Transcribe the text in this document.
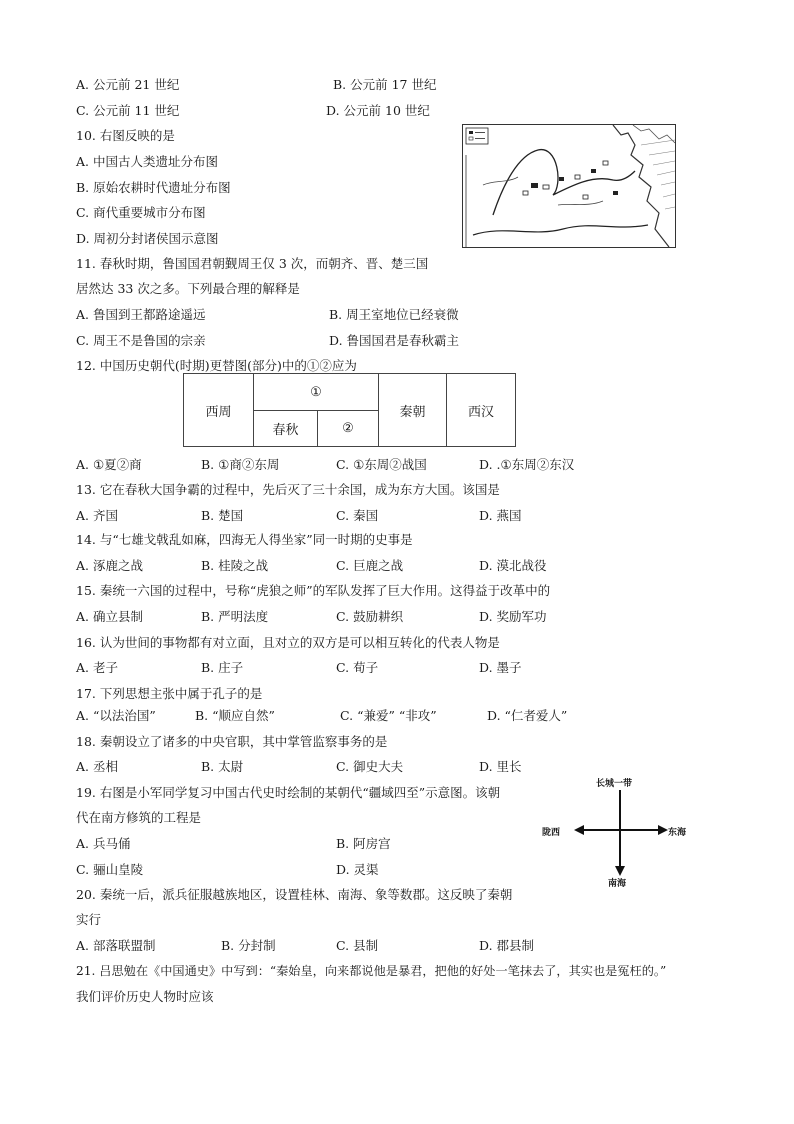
A. 公元前 21 世纪	B. 公元前 17 世纪
C. 公元前 11 世纪	D. 公元前 10 世纪
10. 右图反映的是
A. 中国古人类遗址分布图
B. 原始农耕时代遗址分布图
C. 商代重要城市分布图
D. 周初分封诸侯国示意图
11. 春秋时期，鲁国国君朝觐周王仅 3 次，而朝齐、晋、楚三国
居然达 33 次之多。下列最合理的解释是
A. 鲁国到王都路途遥远	B. 周王室地位已经衰微
C. 周王不是鲁国的宗亲	D. 鲁国国君是春秋霸主
12. 中国历史朝代(时期)更替图(部分)中的①②应为
西周	①		秦朝	西汉
	春秋	②		
A. ①夏②商	B. ①商②东周	C. ①东周②战国	D. .①东周②东汉
13. 它在春秋大国争霸的过程中，先后灭了三十余国，成为东方大国。该国是
A. 齐国	B. 楚国	C. 秦国	D. 燕国
14. 与“七雄戈戟乱如麻，四海无人得坐家”同一时期的史事是
A. 涿鹿之战	B. 桂陵之战	C. 巨鹿之战	D. 漠北战役
15. 秦统一六国的过程中，号称“虎狼之师”的军队发挥了巨大作用。这得益于改革中的
A. 确立县制	B. 严明法度	C. 鼓励耕织	D. 奖励军功
16. 认为世间的事物都有对立面，且对立的双方是可以相互转化的代表人物是
A. 老子	B. 庄子	C. 荀子	D. 墨子
17. 下列思想主张中属于孔子的是
A. “以法治国”	B. “顺应自然”	C. “兼爱” “非攻”	D. “仁者爱人”
18. 秦朝设立了诸多的中央官职，其中掌管监察事务的是
A. 丞相	B. 太尉	C. 御史大夫	D. 里长
19. 右图是小军同学复习中国古代史时绘制的某朝代“疆域四至”示意图。该朝
代在南方修筑的工程是
A. 兵马俑	B. 阿房宫
C. 骊山皇陵	D. 灵渠
长城一带
陇西	东海
南海
20. 秦统一后，派兵征服越族地区，设置桂林、南海、象等数郡。这反映了秦朝
实行
A. 部落联盟制	B. 分封制	C. 县制	D. 郡县制
21. 吕思勉在《中国通史》中写到：“秦始皇，向来都说他是暴君，把他的好处一笔抹去了，其实也是冤枉的。”
我们评价历史人物时应该
